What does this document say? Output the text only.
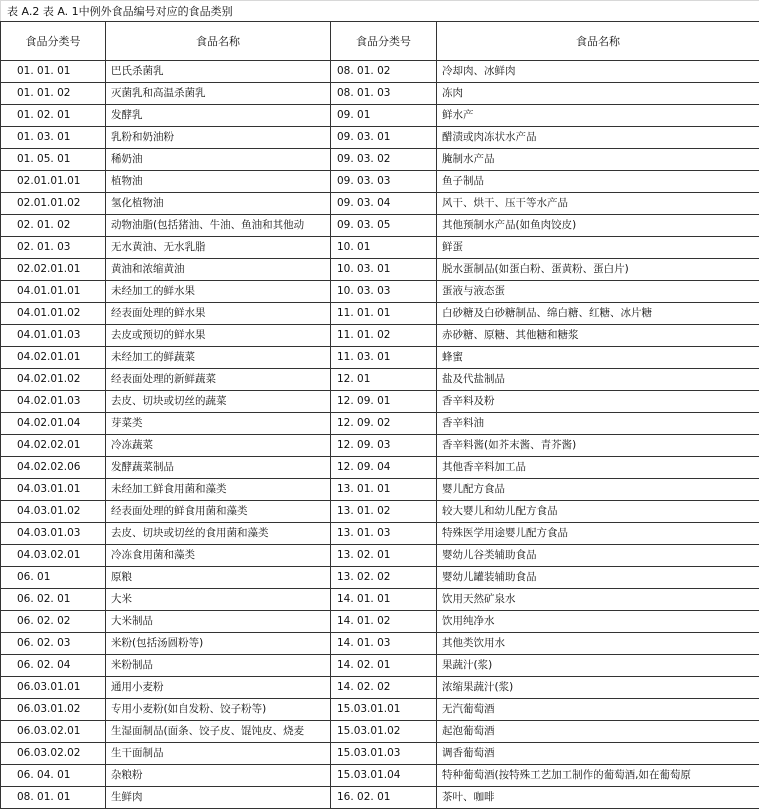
表 A.2 表 A. 1中例外食品编号对应的食品类别
食品分类号	食品名称	食品分类号	食品名称
01. 01. 01	巴氏杀菌乳	08. 01. 02	冷却肉、冰鲜肉
01. 01. 02	灭菌乳和高温杀菌乳	08. 01. 03	冻肉
01. 02. 01	发酵乳	09. 01	鲜水产
01. 03. 01	乳粉和奶油粉	09. 03. 01	醋渍或肉冻状水产品
01. 05. 01	稀奶油	09. 03. 02	腌制水产品
02.01.01.01	植物油	09. 03. 03	鱼子制品
02.01.01.02	氢化植物油	09. 03. 04	风干、烘干、压干等水产品
02. 01. 02	动物油脂(包括猪油、牛油、鱼油和其他动	09. 03. 05	其他预制水产品(如鱼肉饺皮)
02. 01. 03	无水黄油、无水乳脂	10. 01	鲜蛋
02.02.01.01	黄油和浓缩黄油	10. 03. 01	脱水蛋制品(如蛋白粉、蛋黄粉、蛋白片)
04.01.01.01	未经加工的鲜水果	10. 03. 03	蛋液与液态蛋
04.01.01.02	经表面处理的鲜水果	11. 01. 01	白砂糖及白砂糖制品、绵白糖、红糖、冰片糖
04.01.01.03	去皮或预切的鲜水果	11. 01. 02	赤砂糖、原糖、其他糖和糖浆
04.02.01.01	未经加工的鲜蔬菜	11. 03. 01	蜂蜜
04.02.01.02	经表面处理的新鲜蔬菜	12. 01	盐及代盐制品
04.02.01.03	去皮、切块或切丝的蔬菜	12. 09. 01	香辛料及粉
04.02.01.04	芽菜类	12. 09. 02	香辛料油
04.02.02.01	冷冻蔬菜	12. 09. 03	香辛料酱(如芥末酱、青芥酱)
04.02.02.06	发酵蔬菜制品	12. 09. 04	其他香辛料加工品
04.03.01.01	未经加工鲜食用菌和藻类	13. 01. 01	婴儿配方食品
04.03.01.02	经表面处理的鲜食用菌和藻类	13. 01. 02	较大婴儿和幼儿配方食品
04.03.01.03	去皮、切块或切丝的食用菌和藻类	13. 01. 03	特殊医学用途婴儿配方食品
04.03.02.01	冷冻食用菌和藻类	13. 02. 01	婴幼儿谷类辅助食品
06. 01	原粮	13. 02. 02	婴幼儿罐装辅助食品
06. 02. 01	大米	14. 01. 01	饮用天然矿泉水
06. 02. 02	大米制品	14. 01. 02	饮用纯净水
06. 02. 03	米粉(包括汤圆粉等)	14. 01. 03	其他类饮用水
06. 02. 04	米粉制品	14. 02. 01	果蔬汁(浆)
06.03.01.01	通用小麦粉	14. 02. 02	浓缩果蔬汁(浆)
06.03.01.02	专用小麦粉(如自发粉、饺子粉等)	15.03.01.01	无汽葡萄酒
06.03.02.01	生湿面制品(面条、饺子皮、馄饨皮、烧麦	15.03.01.02	起泡葡萄酒
06.03.02.02	生干面制品	15.03.01.03	调香葡萄酒
06. 04. 01	杂粮粉	15.03.01.04	特种葡萄酒(按特殊工艺加工制作的葡萄酒,如在葡萄原
08. 01. 01	生鲜肉	16. 02. 01	茶叶、咖啡
